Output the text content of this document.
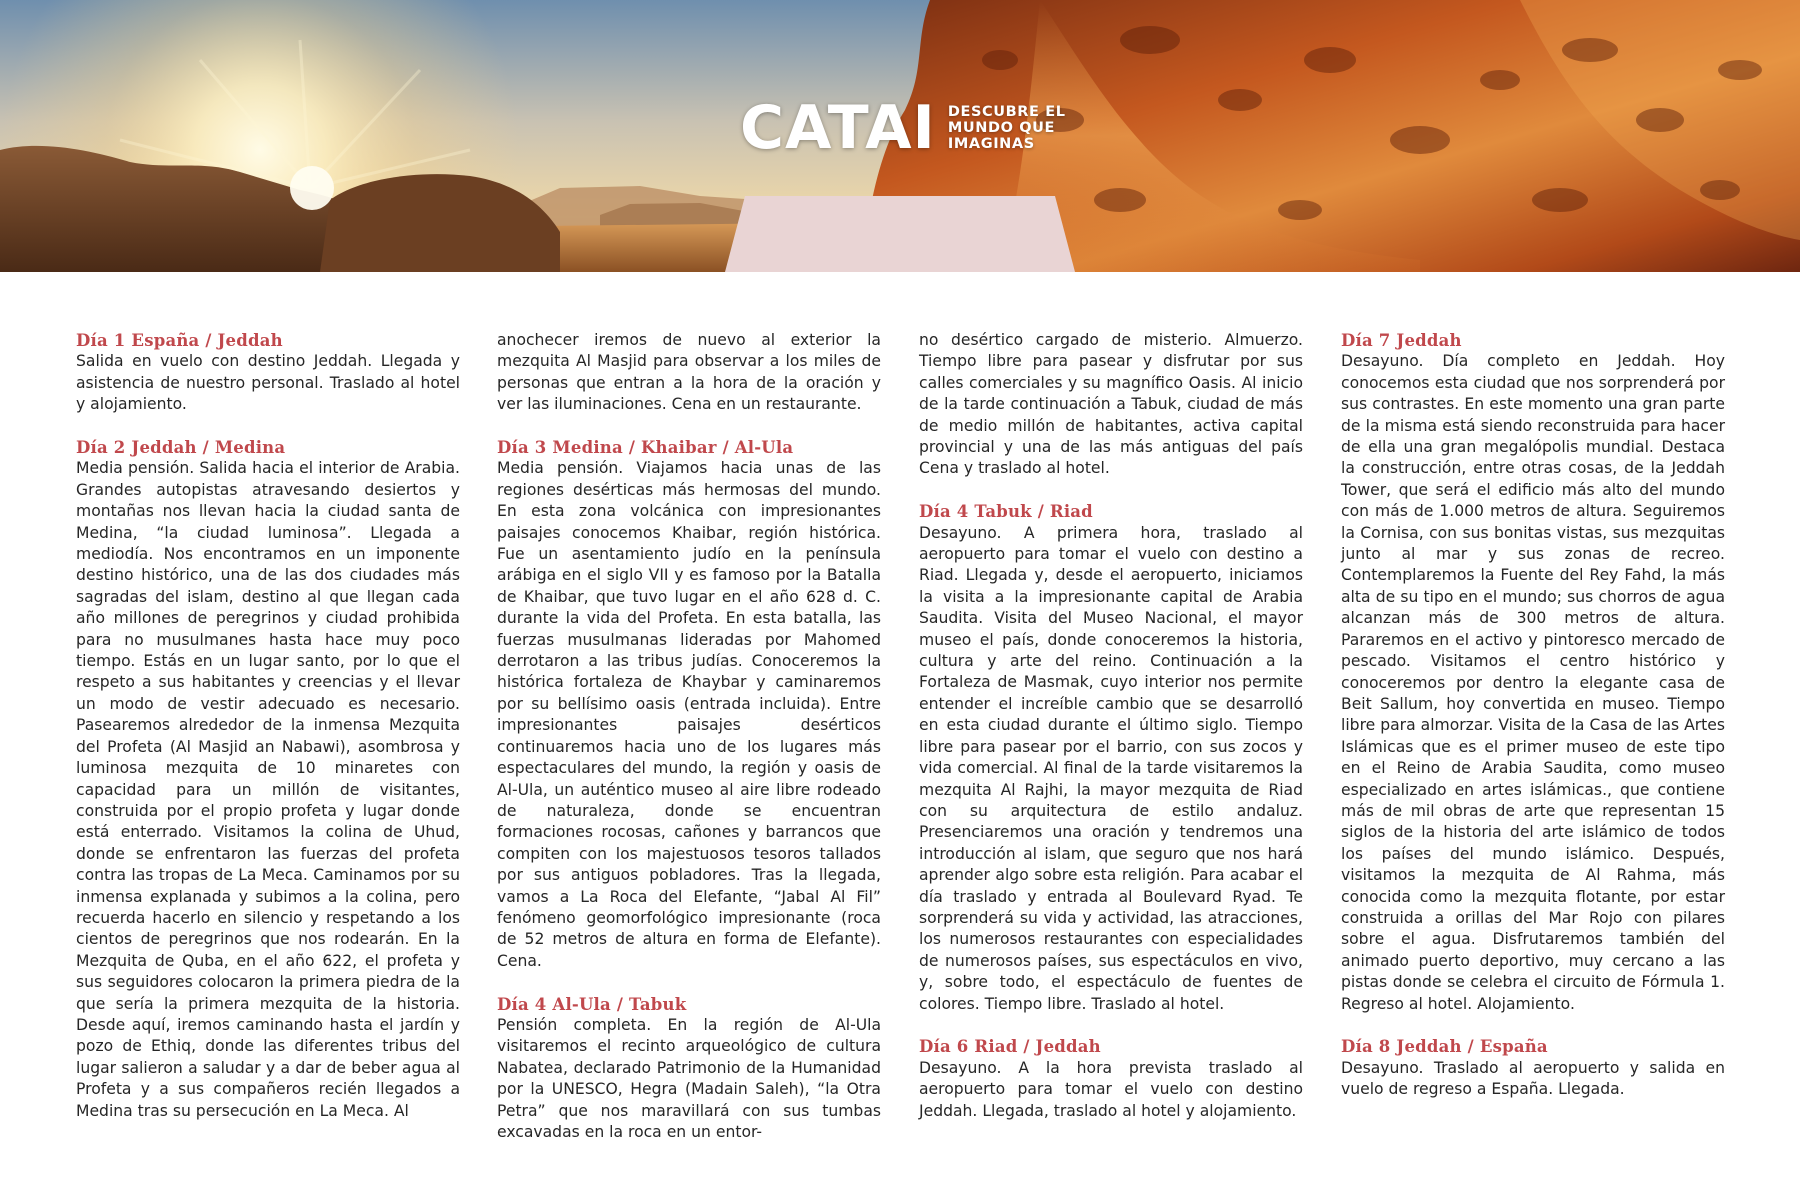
CATAI DESCUBRE EL
MUNDO QUE
IMAGINAS
Día 1 España / Jeddah

Salida en vuelo con destino Jeddah. Llegada y asistencia de nuestro personal. Traslado al hotel y alojamiento.

Día 2 Jeddah / Medina

Media pensión. Salida hacia el interior de Arabia. Grandes autopistas atravesando desiertos y montañas nos llevan hacia la ciudad santa de Medina, “la ciudad luminosa”. Llegada a mediodía. Nos encontramos en un imponente destino histórico, una de las dos ciudades más sagradas del islam, destino al que llegan cada año millones de peregrinos y ciudad prohibida para no musulmanes hasta hace muy poco tiempo. Estás en un lugar santo, por lo que el respeto a sus habitantes y creencias y el llevar un modo de vestir adecuado es necesario. Pasearemos alrededor de la inmensa Mezquita del Profeta (Al Masjid an Nabawi), asombrosa y luminosa mezquita de 10 minaretes con capacidad para un millón de visitantes, construida por el propio profeta y lugar donde está enterrado. Visitamos la colina de Uhud, donde se enfrentaron las fuerzas del profeta contra las tropas de La Meca. Caminamos por su inmensa explanada y subimos a la colina, pero recuerda hacerlo en silencio y respetando a los cientos de peregrinos que nos rodearán. En la Mezquita de Quba, en el año 622, el profeta y sus seguidores colocaron la primera piedra de la que sería la primera mezquita de la historia. Desde aquí, iremos caminando hasta el jardín y pozo de Ethiq, donde las diferentes tribus del lugar salieron a saludar y a dar de beber agua al Profeta y a sus compañeros recién llegados a Medina tras su persecución en La Meca. Al

anochecer iremos de nuevo al exterior la mezquita Al Masjid para observar a los miles de personas que entran a la hora de la oración y ver las iluminaciones. Cena en un restaurante.

Día 3 Medina / Khaibar / Al-Ula

Media pensión. Viajamos hacia unas de las regiones desérticas más hermosas del mundo. En esta zona volcánica con impresionantes paisajes conocemos Khaibar, región histórica. Fue un asentamiento judío en la península arábiga en el siglo VII y es famoso por la Batalla de Khaibar, que tuvo lugar en el año 628 d. C. durante la vida del Profeta. En esta batalla, las fuerzas musulmanas lideradas por Mahomed derrotaron a las tribus judías. Conoceremos la histórica fortaleza de Khaybar y caminaremos por su bellísimo oasis (entrada incluida). Entre impresionantes paisajes desérticos continuaremos hacia uno de los lugares más espectaculares del mundo, la región y oasis de Al-Ula, un auténtico museo al aire libre rodeado de naturaleza, donde se encuentran formaciones rocosas, cañones y barrancos que compiten con los majestuosos tesoros tallados por sus antiguos pobladores. Tras la llegada, vamos a La Roca del Elefante, “Jabal Al Fil” fenómeno geomorfológico impresionante (roca de 52 metros de altura en forma de Elefante). Cena.

Día 4 Al-Ula / Tabuk

Pensión completa. En la región de Al-Ula visitaremos el recinto arqueológico de cultura Nabatea, declarado Patrimonio de la Humanidad por la UNESCO, Hegra (Madain Saleh), “la Otra Petra” que nos maravillará con sus tumbas excavadas en la roca en un entor-

no desértico cargado de misterio. Almuerzo. Tiempo libre para pasear y disfrutar por sus calles comerciales y su magnífico Oasis. Al inicio de la tarde continuación a Tabuk, ciudad de más de medio millón de habitantes, activa capital provincial y una de las más antiguas del país Cena y traslado al hotel.

Día 4 Tabuk / Riad

Desayuno. A primera hora, traslado al aeropuerto para tomar el vuelo con destino a Riad. Llegada y, desde el aeropuerto, iniciamos la visita a la impresionante capital de Arabia Saudita. Visita del Museo Nacional, el mayor museo el país, donde conoceremos la historia, cultura y arte del reino. Continuación a la Fortaleza de Masmak, cuyo interior nos permite entender el increíble cambio que se desarrolló en esta ciudad durante el último siglo. Tiempo libre para pasear por el barrio, con sus zocos y vida comercial. Al final de la tarde visitaremos la mezquita Al Rajhi, la mayor mezquita de Riad con su arquitectura de estilo andaluz. Presenciaremos una oración y tendremos una introducción al islam, que seguro que nos hará aprender algo sobre esta religión. Para acabar el día traslado y entrada al Boulevard Ryad. Te sorprenderá su vida y actividad, las atracciones, los numerosos restaurantes con especialidades de numerosos países, sus espectáculos en vivo, y, sobre todo, el espectáculo de fuentes de colores. Tiempo libre. Traslado al hotel.

Día 6 Riad / Jeddah

Desayuno. A la hora prevista traslado al aeropuerto para tomar el vuelo con destino Jeddah. Llegada, traslado al hotel y alojamiento.

Día 7 Jeddah

Desayuno. Día completo en Jeddah. Hoy conocemos esta ciudad que nos sorprenderá por sus contrastes. En este momento una gran parte de la misma está siendo reconstruida para hacer de ella una gran megalópolis mundial. Destaca la construcción, entre otras cosas, de la Jeddah Tower, que será el edificio más alto del mundo con más de 1.000 metros de altura. Seguiremos la Cornisa, con sus bonitas vistas, sus mezquitas junto al mar y sus zonas de recreo. Contemplaremos la Fuente del Rey Fahd, la más alta de su tipo en el mundo; sus chorros de agua alcanzan más de 300 metros de altura. Pararemos en el activo y pintoresco mercado de pescado. Visitamos el centro histórico y conoceremos por dentro la elegante casa de Beit Sallum, hoy convertida en museo. Tiempo libre para almorzar. Visita de la Casa de las Artes Islámicas que es el primer museo de este tipo en el Reino de Arabia Saudita, como museo especializado en artes islámicas., que contiene más de mil obras de arte que representan 15 siglos de la historia del arte islámico de todos los países del mundo islámico. Después, visitamos la mezquita de Al Rahma, más conocida como la mezquita flotante, por estar construida a orillas del Mar Rojo con pilares sobre el agua. Disfrutaremos también del animado puerto deportivo, muy cercano a las pistas donde se celebra el circuito de Fórmula 1. Regreso al hotel. Alojamiento.

Día 8 Jeddah / España

Desayuno. Traslado al aeropuerto y salida en vuelo de regreso a España. Llegada.
